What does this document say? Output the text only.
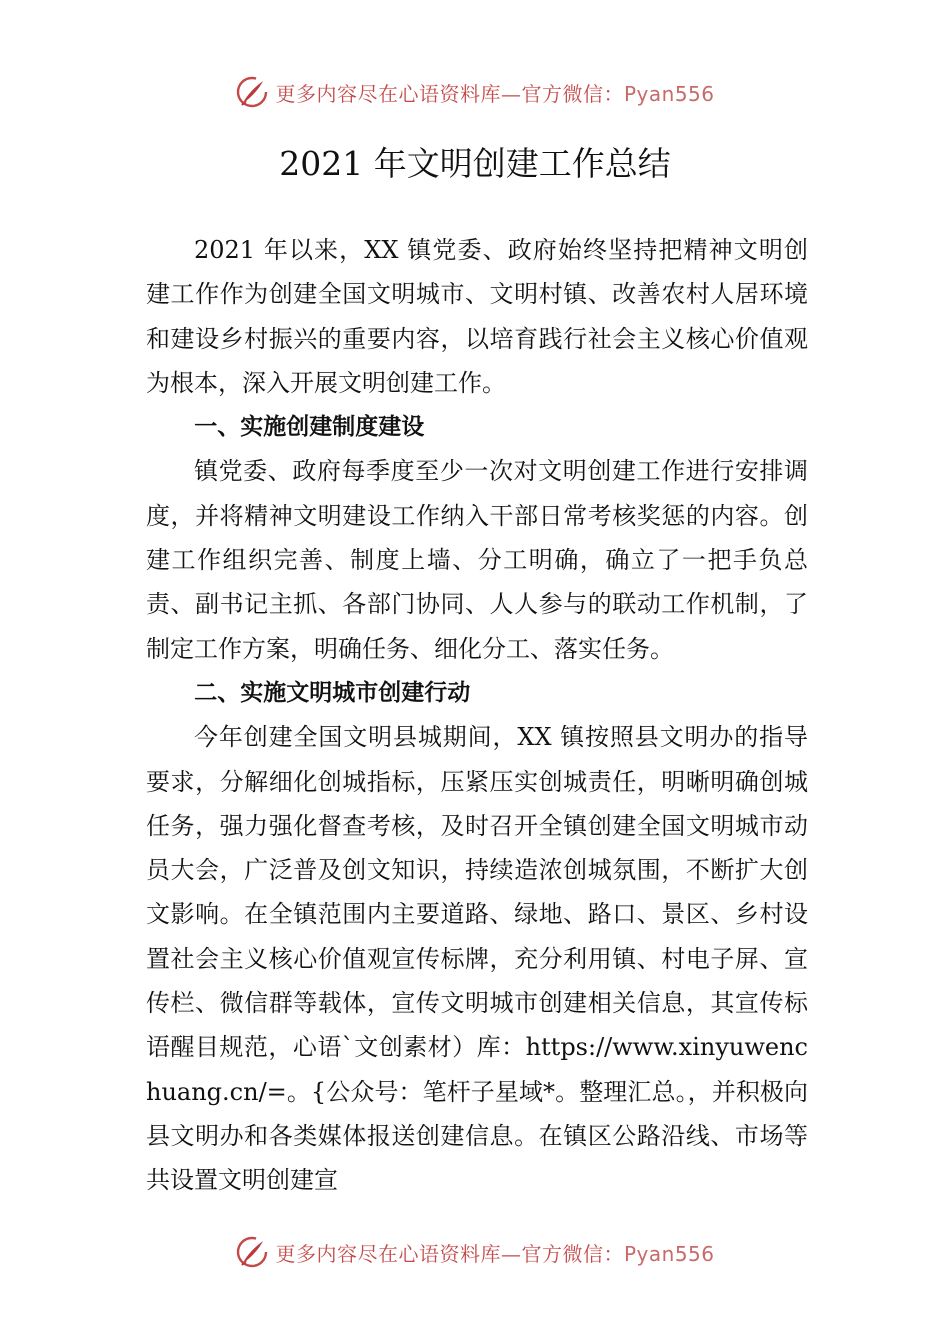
更多内容尽在心语资料库—官方微信：Pyan556
2021 年文明创建工作总结

2021 年以来，XX 镇党委、政府始终坚持把精神文明创建工作作为创建全国文明城市、文明村镇、改善农村人居环境和建设乡村振兴的重要内容，以培育践行社会主义核心价值观为根本，深入开展文明创建工作。

一、实施创建制度建设

镇党委、政府每季度至少一次对文明创建工作进行安排调度，并将精神文明建设工作纳入干部日常考核奖惩的内容。创建工作组织完善、制度上墙、分工明确，确立了一把手负总责、副书记主抓、各部门协同、人人参与的联动工作机制，了制定工作方案，明确任务、细化分工、落实任务。

二、实施文明城市创建行动

今年创建全国文明县城期间，XX 镇按照县文明办的指导要求，分解细化创城指标，压紧压实创城责任，明晰明确创城任务，强力强化督查考核，及时召开全镇创建全国文明城市动员大会，广泛普及创文知识，持续造浓创城氛围，不断扩大创文影响。在全镇范围内主要道路、绿地、路口、景区、乡村设置社会主义核心价值观宣传标牌，充分利用镇、村电子屏、宣传栏、微信群等载体，宣传文明城市创建相关信息，其宣传标语醒目规范，心语`文创素材）库：https://www.xinyuwenchuang.cn/=。{公众号：笔杆子星域*。整理汇总。，并积极向县文明办和各类媒体报送创建信息。在镇区公路沿线、市场等共设置文明创建宣

更多内容尽在心语资料库—官方微信：Pyan556
